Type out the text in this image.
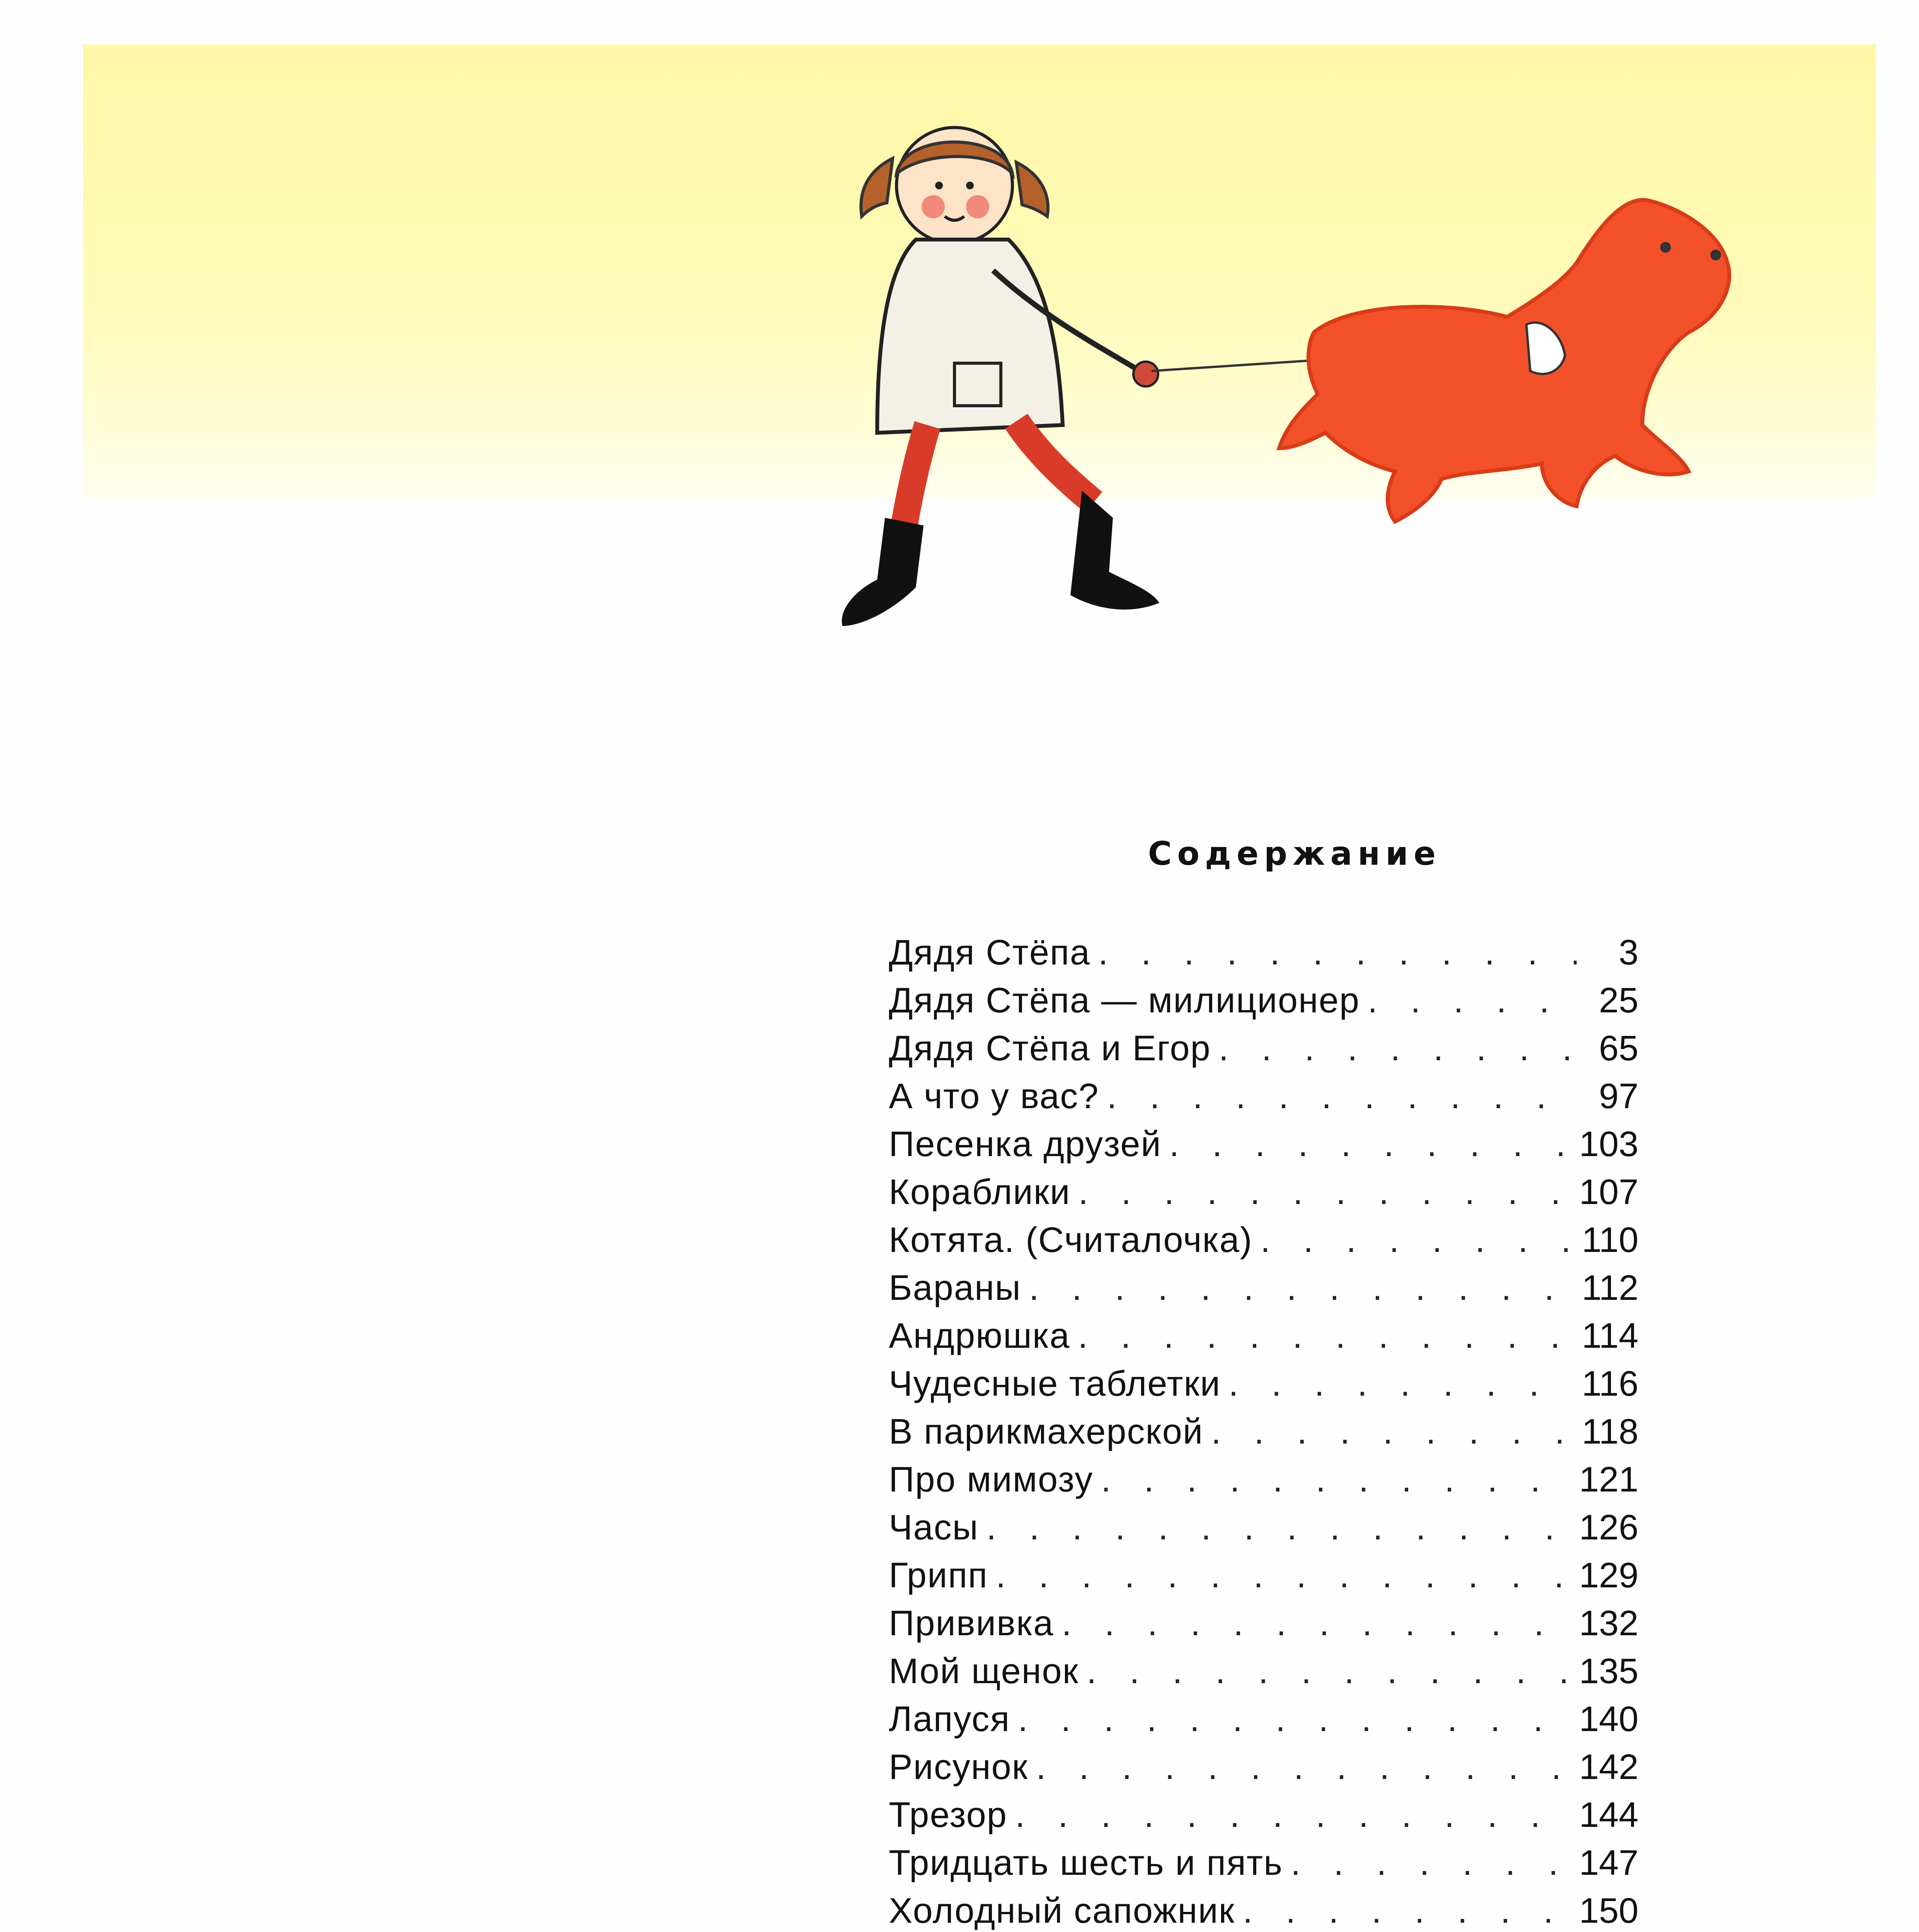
Содержание
Дядя Стёпа . . .	3
Дядя Стёпа — милиционер . . .	25
Дядя Стёпа и Егор . . .	65
А что у вас? . . .	97
Песенка друзей . . .	103
Кораблики . . .	107
Котята. (Считалочка) . . .	110
Бараны . . .	112
Андрюшка . . .	114
Чудесные таблетки . . .	116
В парикмахерской . . .	118
Про мимозу . . .	121
Часы . . .	126
Грипп . . .	129
Прививка . . .	132
Мой щенок . . .	135
Лапуся . . .	140
Рисунок . . .	142
Трезор . . .	144
Тридцать шесть и пять . . .	147
Холодный сапожник . . .	150
